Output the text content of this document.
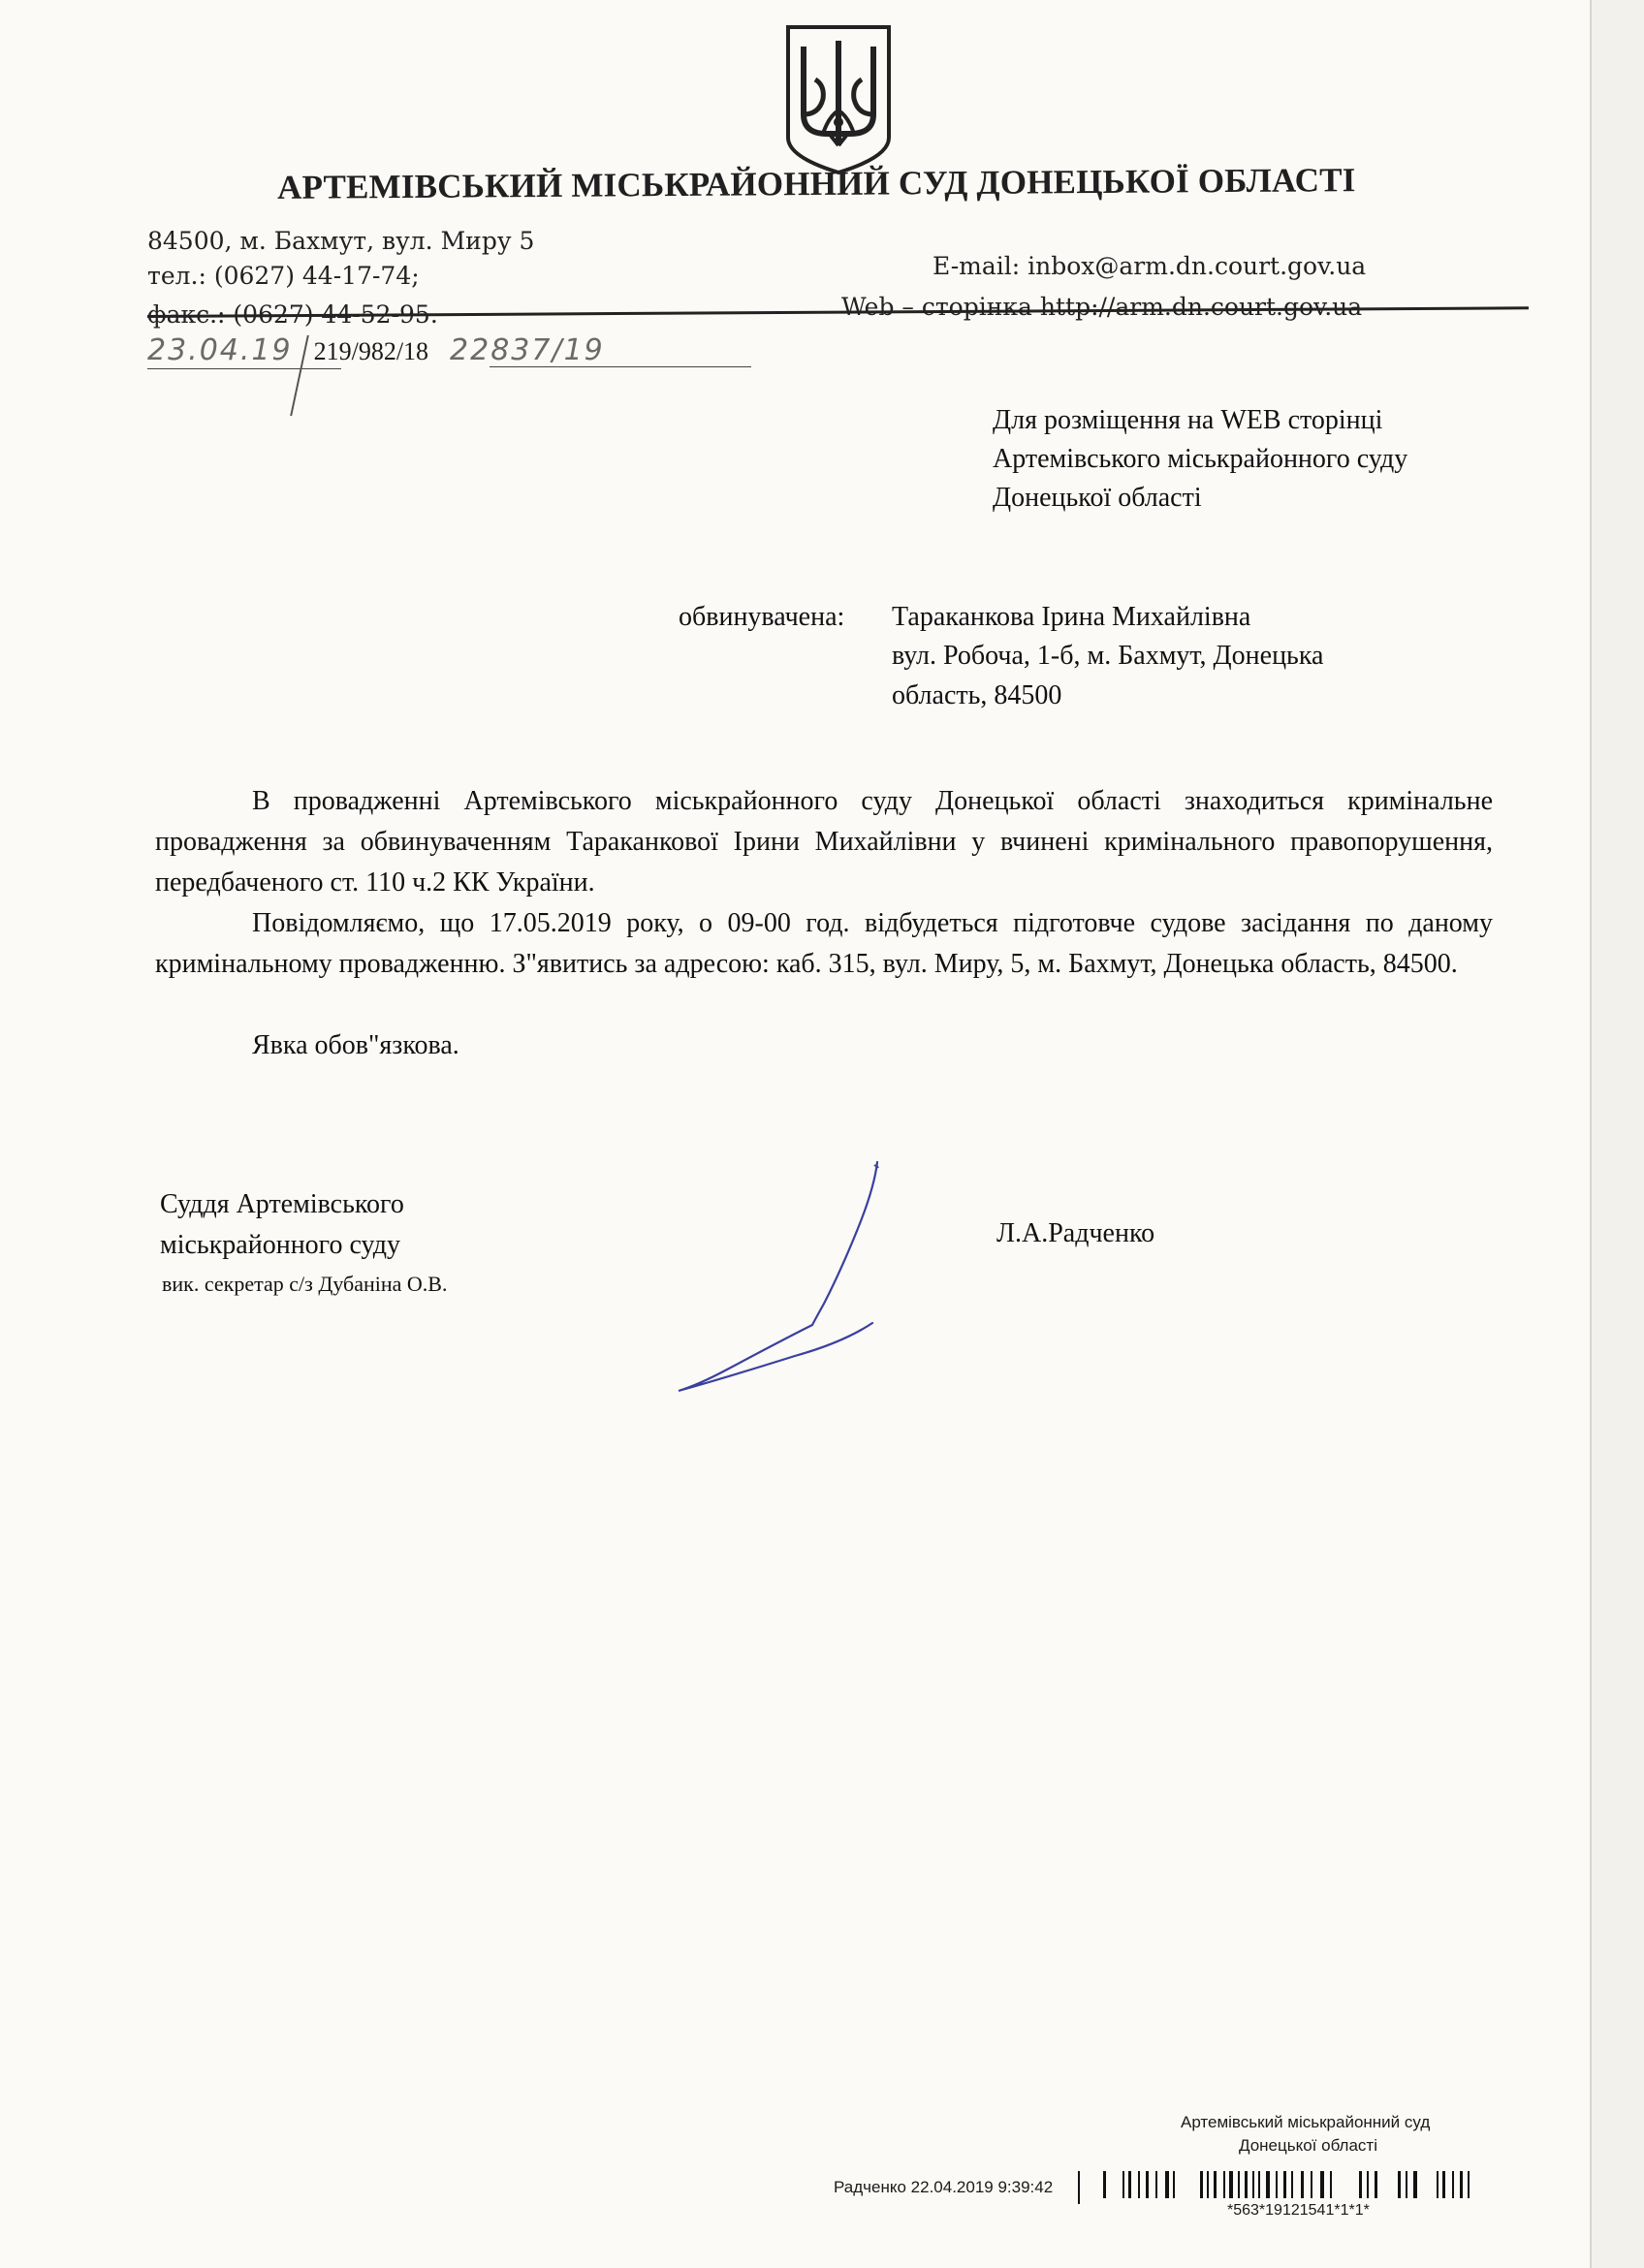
АРТЕМІВСЬКИЙ МІСЬКРАЙОННИЙ СУД ДОНЕЦЬКОЇ ОБЛАСТІ
84500, м. Бахмут, вул. Миру 5
тел.: (0627) 44-17-74;
факс.: (0627) 44-52-95.
E-mail: inbox@arm.dn.court.gov.ua
Web – сторінка http://arm.dn.court.gov.ua
23.04.19 219/982/18 22837/19
Для розміщення на WEB сторінці
Артемівського міськрайонного суду
Донецької області
обвинувачена: Тараканкова Ірина Михайлівна
вул. Робоча, 1-б, м. Бахмут, Донецька
область, 84500

В провадженні Артемівського міськрайонного суду Донецької області знаходиться кримінальне провадження за обвинуваченням Тараканкової Ірини Михайлівни у вчинені кримінального правопорушення, передбаченого ст. 110 ч.2 КК України.

Повідомляємо, що 17.05.2019 року, о 09-00 год. відбудеться підготовче судове засідання по даному кримінальному провадженню. З"явитись за адресою: каб. 315, вул. Миру, 5, м. Бахмут, Донецька область, 84500.

Явка обов"язкова.

Суддя Артемівського
міськрайонного суду
вик. секретар с/з Дубаніна О.В.
Л.А.Радченко
Артемівський міськрайонний суд
Донецької області
Радченко 22.04.2019 9:39:42
*563*19121541*1*1*
